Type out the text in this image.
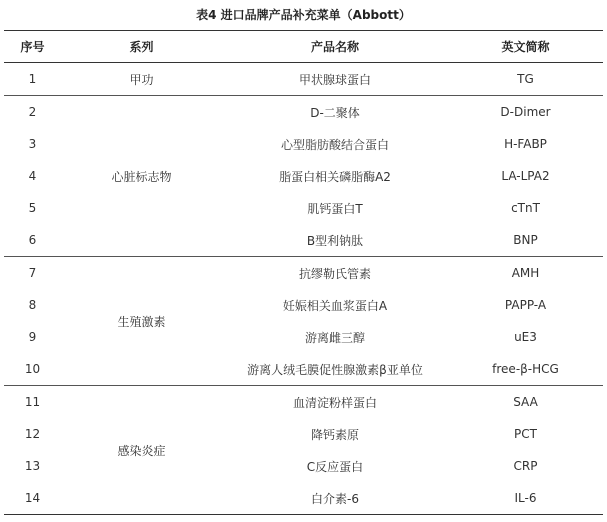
表4 进口品牌产品补充菜单（Abbott）
序号	系列	产品名称	英文简称
1	甲功	甲状腺球蛋白	TG
2	心脏标志物	D-二聚体	D-Dimer
3		心型脂肪酸结合蛋白	H-FABP
4		脂蛋白相关磷脂酶A2	LA-LPA2
5		肌钙蛋白T	cTnT
6		B型利钠肽	BNP
7	生殖激素	抗缪勒氏管素	AMH
8		妊娠相关血浆蛋白A	PAPP-A
9		游离雌三醇	uE3
10		游离人绒毛膜促性腺激素β亚单位	free-β-HCG
11	感染炎症	血清淀粉样蛋白	SAA
12		降钙素原	PCT
13		C反应蛋白	CRP
14		白介素-6	IL-6
